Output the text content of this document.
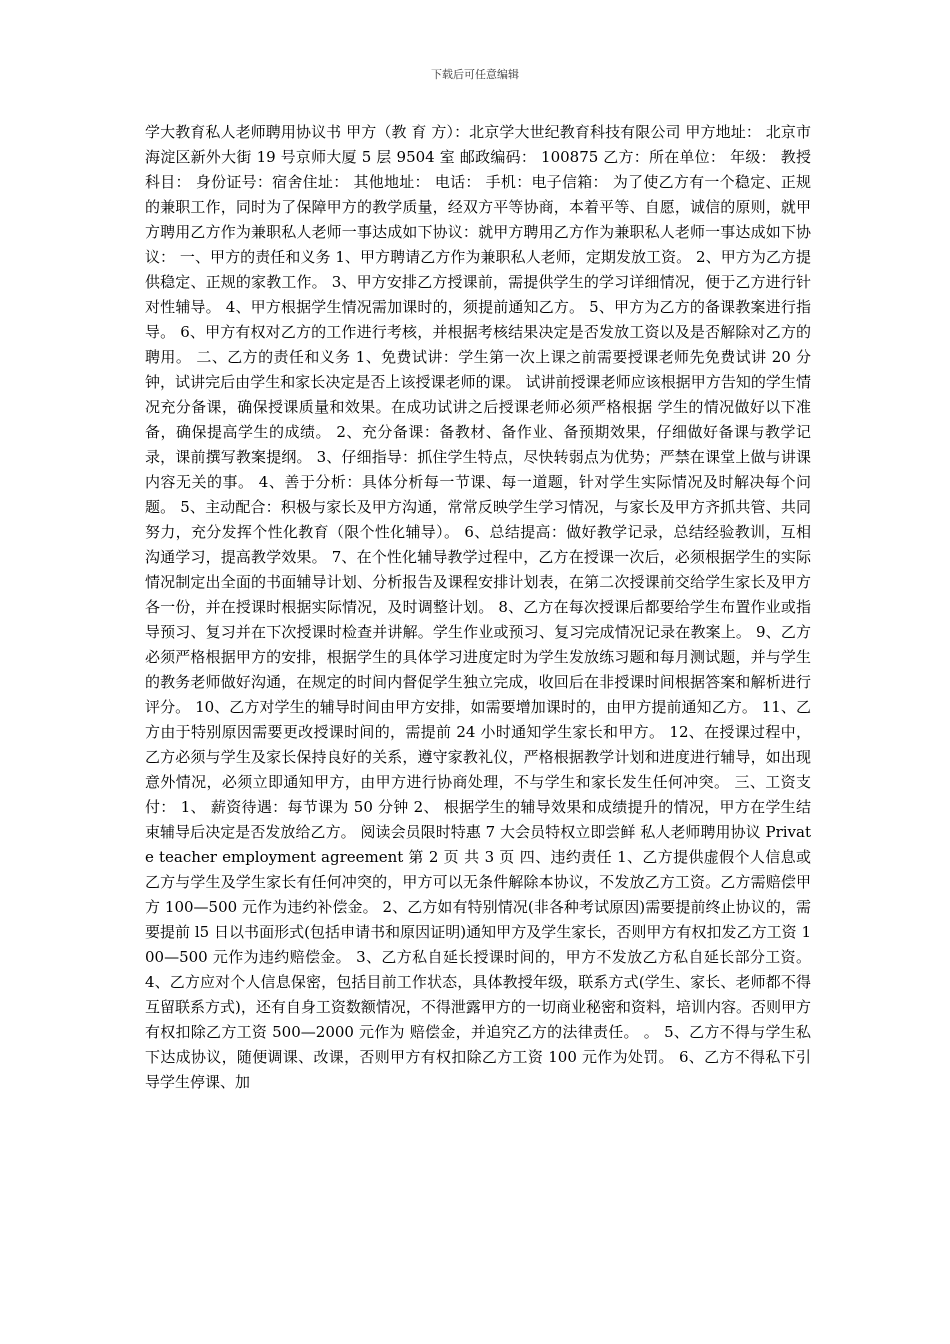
下载后可任意编辑

学大教育私人老师聘用协议书 甲方（教 育 方）：北京学大世纪教育科技有限公司 甲方地址： 北京市海淀区新外大街 19 号京师大厦 5 层 9504 室 邮政编码： 100875 乙方：所在单位： 年级： 教授科目： 身份证号：宿舍住址： 其他地址： 电话： 手机：电子信箱： 为了使乙方有一个稳定、正规的兼职工作，同时为了保障甲方的教学质量，经双方平等协商，本着平等、自愿，诚信的原则，就甲方聘用乙方作为兼职私人老师一事达成如下协议：就甲方聘用乙方作为兼职私人老师一事达成如下协议： 一、甲方的责任和义务 1、甲方聘请乙方作为兼职私人老师，定期发放工资。 2、甲方为乙方提供稳定、正规的家教工作。 3、甲方安排乙方授课前，需提供学生的学习详细情况，便于乙方进行针对性辅导。 4、甲方根据学生情况需加课时的，须提前通知乙方。 5、甲方为乙方的备课教案进行指导。 6、甲方有权对乙方的工作进行考核，并根据考核结果决定是否发放工资以及是否解除对乙方的聘用。 二、乙方的责任和义务 1、免费试讲：学生第一次上课之前需要授课老师先免费试讲 20 分钟，试讲完后由学生和家长决定是否上该授课老师的课。 试讲前授课老师应该根据甲方告知的学生情况充分备课，确保授课质量和效果。在成功试讲之后授课老师必须严格根据 学生的情况做好以下准备，确保提高学生的成绩。 2、充分备课：备教材、备作业、备预期效果，仔细做好备课与教学记录，课前撰写教案提纲。 3、仔细指导：抓住学生特点，尽快转弱点为优势；严禁在课堂上做与讲课内容无关的事。 4、善于分析：具体分析每一节课、每一道题，针对学生实际情况及时解决每个问题。 5、主动配合：积极与家长及甲方沟通，常常反映学生学习情况，与家长及甲方齐抓共管、共同努力，充分发挥个性化教育（限个性化辅导）。 6、总结提高：做好教学记录，总结经验教训，互相沟通学习，提高教学效果。 7、在个性化辅导教学过程中，乙方在授课一次后，必须根据学生的实际情况制定出全面的书面辅导计划、分析报告及课程安排计划表，在第二次授课前交给学生家长及甲方各一份，并在授课时根据实际情况，及时调整计划。 8、乙方在每次授课后都要给学生布置作业或指导预习、复习并在下次授课时检查并讲解。学生作业或预习、复习完成情况记录在教案上。 9、乙方必须严格根据甲方的安排，根据学生的具体学习进度定时为学生发放练习题和每月测试题，并与学生的教务老师做好沟通，在规定的时间内督促学生独立完成，收回后在非授课时间根据答案和解析进行评分。 10、乙方对学生的辅导时间由甲方安排，如需要增加课时的，由甲方提前通知乙方。 11、乙方由于特别原因需要更改授课时间的，需提前 24 小时通知学生家长和甲方。 12、在授课过程中，乙方必须与学生及家长保持良好的关系，遵守家教礼仪，严格根据教学计划和进度进行辅导，如出现意外情况，必须立即通知甲方，由甲方进行协商处理，不与学生和家长发生任何冲突。 三、工资支付： 1、 薪资待遇：每节课为 50 分钟 2、 根据学生的辅导效果和成绩提升的情况，甲方在学生结束辅导后决定是否发放给乙方。 阅读会员限时特惠 7 大会员特权立即尝鲜 私人老师聘用协议 Private teacher employment agreement 第 2 页 共 3 页 四、违约责任 1、乙方提供虚假个人信息或乙方与学生及学生家长有任何冲突的，甲方可以无条件解除本协议，不发放乙方工资。乙方需赔偿甲方 100—500 元作为违约补偿金。 2、乙方如有特别情况(非各种考试原因)需要提前终止协议的，需要提前 l5 日以书面形式(包括申请书和原因证明)通知甲方及学生家长，否则甲方有权扣发乙方工资 100—500 元作为违约赔偿金。 3、乙方私自延长授课时间的，甲方不发放乙方私自延长部分工资。 4、乙方应对个人信息保密，包括目前工作状态，具体教授年级，联系方式(学生、家长、老师都不得互留联系方式)，还有自身工资数额情况，不得泄露甲方的一切商业秘密和资料，培训内容。否则甲方有权扣除乙方工资 500—2000 元作为 赔偿金，并追究乙方的法律责任。 。 5、乙方不得与学生私下达成协议，随便调课、改课，否则甲方有权扣除乙方工资 100 元作为处罚。 6、乙方不得私下引导学生停课、加
